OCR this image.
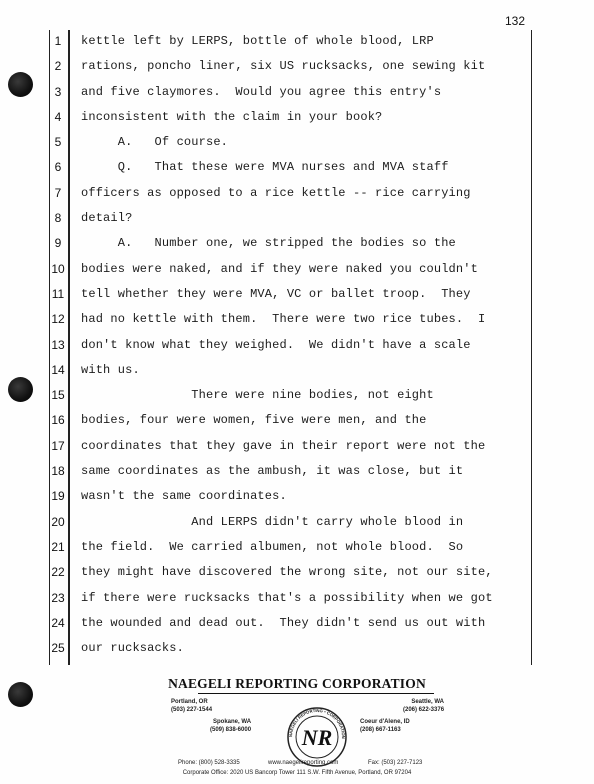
132
1	kettle left by LERPS, bottle of whole blood, LRP
2	rations, poncho liner, six US rucksacks, one sewing kit
3	and five claymores.  Would you agree this entry's
4	inconsistent with the claim in your book?
5	A.   Of course.
6	Q.   That these were MVA nurses and MVA staff
7	officers as opposed to a rice kettle -- rice carrying
8	detail?
9	A.   Number one, we stripped the bodies so the
10 bodies were naked, and if they were naked you couldn't
11 tell whether they were MVA, VC or ballet troop.  They
12 had no kettle with them.  There were two rice tubes.  I
13 don't know what they weighed.  We didn't have a scale
14 with us.
15 There were nine bodies, not eight
16 bodies, four were women, five were men, and the
17 coordinates that they gave in their report were not the
18 same coordinates as the ambush, it was close, but it
19 wasn't the same coordinates.
20 And LERPS didn't carry whole blood in
21 the field.  We carried albumen, not whole blood.  So
22 they might have discovered the wrong site, not our site,
23 if there were rucksacks that's a possibility when we got
24 the wounded and dead out.  They didn't send us out with
25 our rucksacks.
NAEGELI REPORTING CORPORATION
Portland, OR
(503) 227-1544
Seattle, WA
(206) 622-3376
Spokane, WA
(509) 838-6000
Coeur d'Alene, ID
(208) 667-1163
NAEGELI REPORTING • CORPORATION
NR
Phone: (800) 528-3335	www.naegelireporting.com	Fax: (503) 227-7123
Corporate Office: 2020 US Bancorp Tower 111 S.W. Fifth Avenue, Portland, OR 97204
